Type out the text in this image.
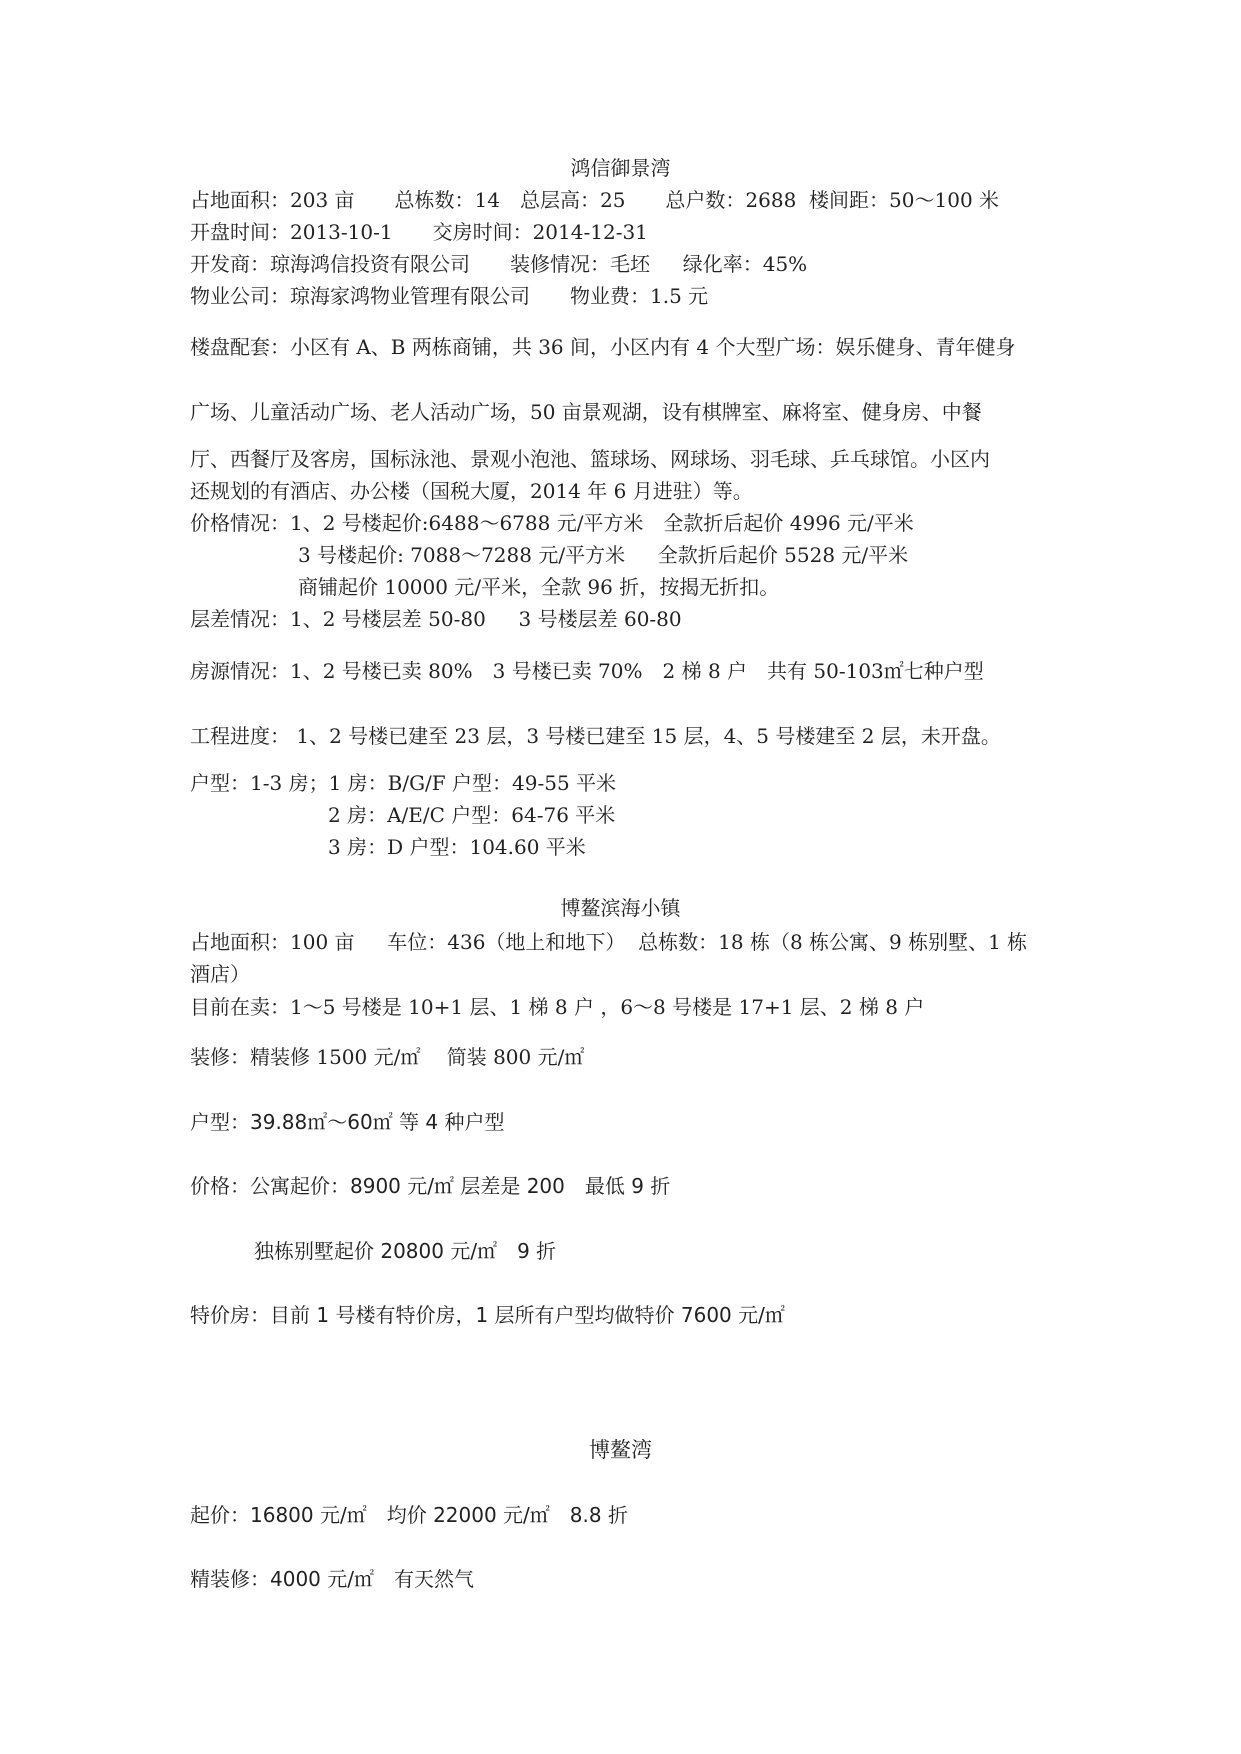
鸿信御景湾
占地面积：203 亩　　总栋数：14　总层高：25　　总户数：2688  楼间距：50～100 米
开盘时间：2013-10-1　　交房时间：2014-12-31
开发商：琼海鸿信投资有限公司　　装修情况：毛坯　  绿化率：45%
物业公司：琼海家鸿物业管理有限公司　　物业费：1.5 元
楼盘配套：小区有 A、B 两栋商铺，共 36 间，小区内有 4 个大型广场：娱乐健身、青年健身
广场、儿童活动广场、老人活动广场，50 亩景观湖，设有棋牌室、麻将室、健身房、中餐
厅、西餐厅及客房，国标泳池、景观小泡池、篮球场、网球场、羽毛球、乒乓球馆。小区内
还规划的有酒店、办公楼（国税大厦，2014 年 6 月进驻）等。
价格情况：1、2 号楼起价:6488～6788 元/平方米　全款折后起价 4996 元/平米
3 号楼起价: 7088～7288 元/平方米　  全款折后起价 5528 元/平米
商铺起价 10000 元/平米，全款 96 折，按揭无折扣。
层差情况：1、2 号楼层差 50-80　  3 号楼层差 60-80
房源情况：1、2 号楼已卖 80%　3 号楼已卖 70%　2 梯 8 户　共有 50-103㎡七种户型
工程进度： 1、2 号楼已建至 23 层，3 号楼已建至 15 层，4、5 号楼建至 2 层，未开盘。
户型：1-3 房；1 房：B/G/F 户型：49-55 平米
2 房：A/E/C 户型：64-76 平米
3 房：D 户型：104.60 平米
博鳌滨海小镇
占地面积：100 亩　  车位：436（地上和地下）  总栋数：18 栋（8 栋公寓、9 栋别墅、1 栋
酒店）
目前在卖：1～5 号楼是 10+1 层、1 梯 8 户 ，6～8 号楼是 17+1 层、2 梯 8 户
装修：精装修 1500 元/㎡　 简装 800 元/㎡
户型：39.88㎡～60㎡ 等 4 种户型
价格：公寓起价：8900 元/㎡ 层差是 200　最低 9 折
独栋别墅起价 20800 元/㎡　9 折
特价房：目前 1 号楼有特价房，1 层所有户型均做特价 7600 元/㎡
博鳌湾
起价：16800 元/㎡　均价 22000 元/㎡　8.8 折
精装修：4000 元/㎡　有天然气
